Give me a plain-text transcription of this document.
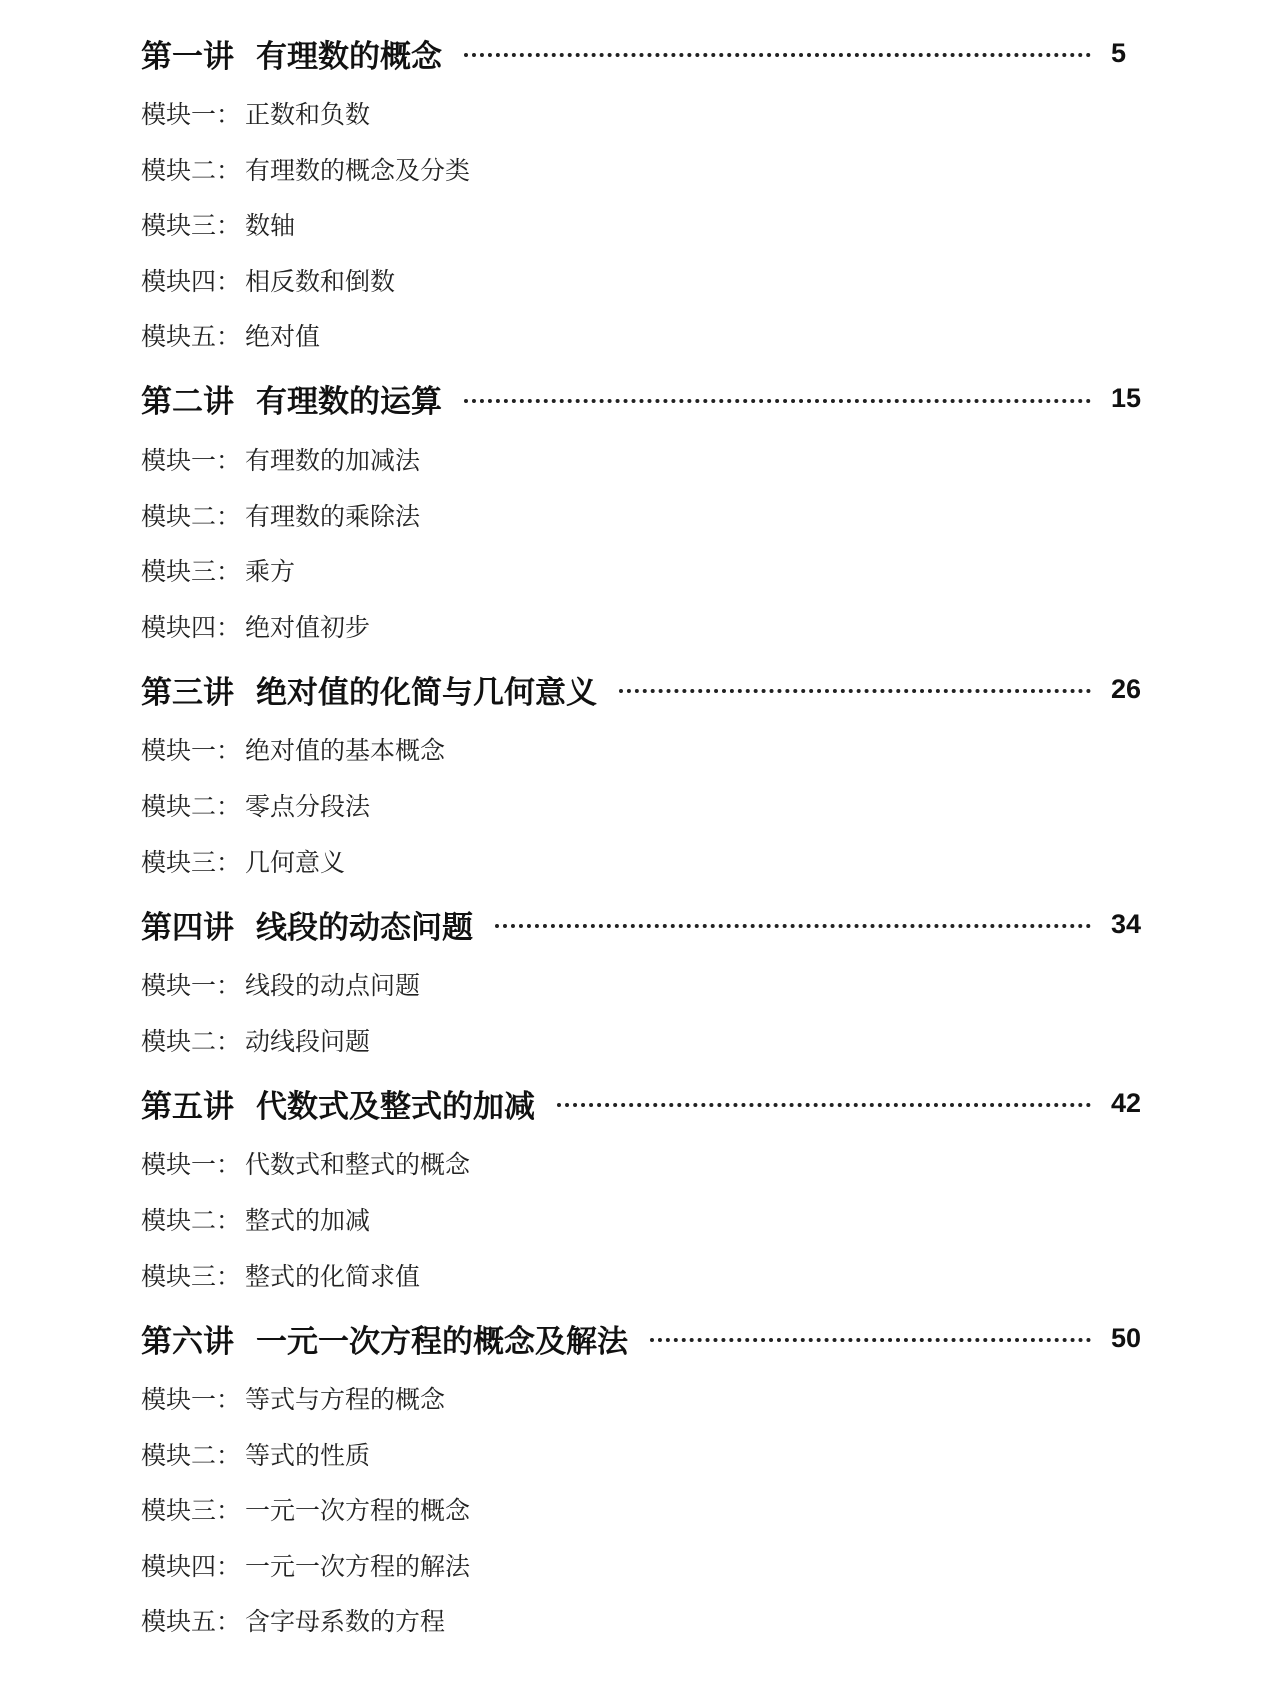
第一讲 有理数的概念	5
模块一： 正数和负数
模块二： 有理数的概念及分类
模块三： 数轴
模块四： 相反数和倒数
模块五： 绝对值
第二讲 有理数的运算	15
模块一： 有理数的加减法
模块二： 有理数的乘除法
模块三： 乘方
模块四： 绝对值初步
第三讲 绝对值的化简与几何意义	26
模块一： 绝对值的基本概念
模块二： 零点分段法
模块三： 几何意义
第四讲 线段的动态问题	34
模块一： 线段的动点问题
模块二： 动线段问题
第五讲 代数式及整式的加减	42
模块一： 代数式和整式的概念
模块二： 整式的加减
模块三： 整式的化简求值
第六讲 一元一次方程的概念及解法	50
模块一： 等式与方程的概念
模块二： 等式的性质
模块三： 一元一次方程的概念
模块四： 一元一次方程的解法
模块五： 含字母系数的方程
